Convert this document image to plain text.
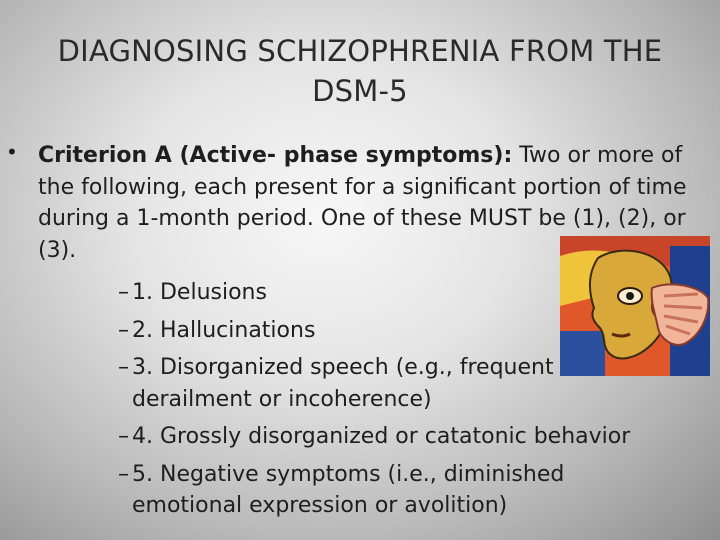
DIAGNOSING SCHIZOPHRENIA FROM THE
DSM-5
• Criterion A (Active- phase symptoms): Two or more of the following, each present for a significant portion of time during a 1-month period. One of these MUST be (1), (2), or (3).

– 1. Delusions
– 2. Hallucinations
– 3. Disorganized speech (e.g., frequent derailment or incoherence)
– 4. Grossly disorganized or catatonic behavior
– 5. Negative symptoms (i.e., diminished emotional expression or avolition)
